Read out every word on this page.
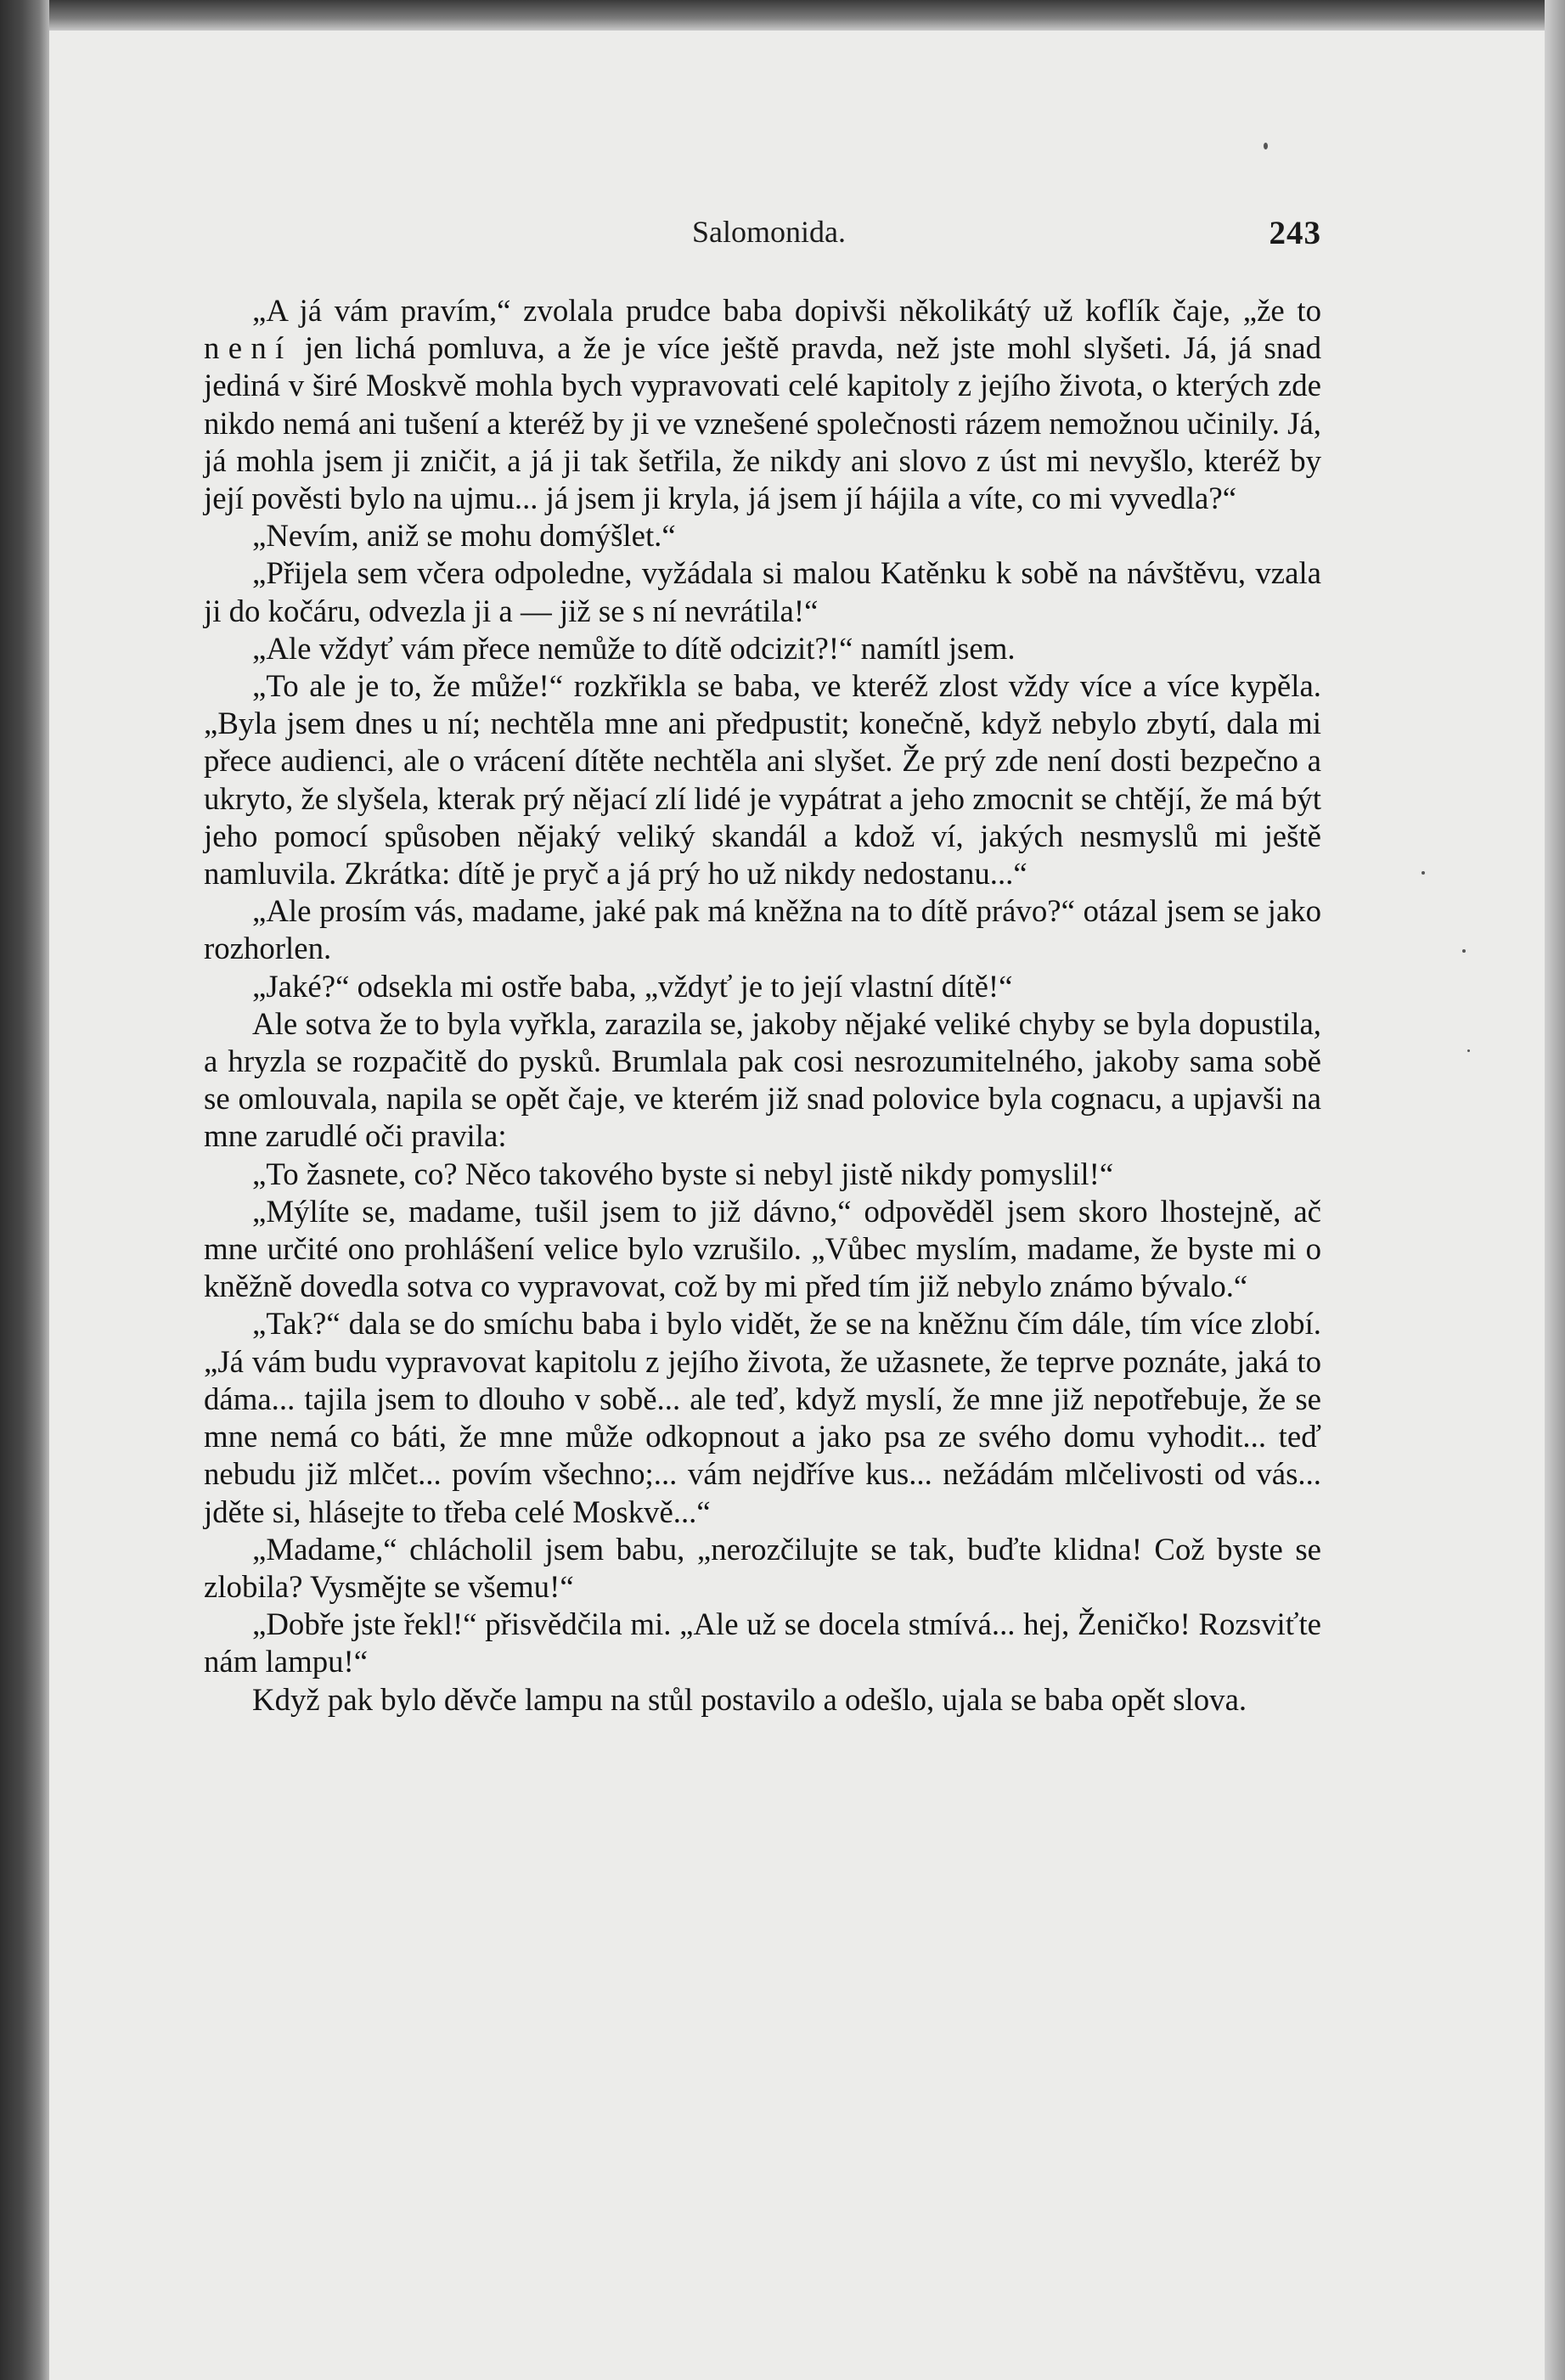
Salomonida.	243

„A já vám pravím,“ zvolala prudce baba dopivši několikátý už koflík čaje, „že to není jen lichá pomluva, a že je více ještě pravda, než jste mohl slyšeti. Já, já snad jediná v širé Moskvě mohla bych vypravovati celé kapitoly z jejího života, o kterých zde nikdo nemá ani tušení a kteréž by ji ve vznešené společnosti rázem nemožnou učinily. Já, já mohla jsem ji zničit, a já ji tak šetřila, že nikdy ani slovo z úst mi nevyšlo, kteréž by její pověsti bylo na ujmu... já jsem ji kryla, já jsem jí hájila a víte, co mi vyvedla?“

„Nevím, aniž se mohu domýšlet.“

„Přijela sem včera odpoledne, vyžádala si malou Katěnku k sobě na návštěvu, vzala ji do kočáru, odvezla ji a — již se s ní nevrátila!“

„Ale vždyť vám přece nemůže to dítě odcizit?!“ namítl jsem.

„To ale je to, že může!“ rozkřikla se baba, ve kteréž zlost vždy více a více kypěla. „Byla jsem dnes u ní; nechtěla mne ani předpustit; konečně, když nebylo zbytí, dala mi přece audienci, ale o vrácení dítěte nechtěla ani slyšet. Že prý zde není dosti bezpečno a ukryto, že slyšela, kterak prý nějací zlí lidé je vypátrat a jeho zmocnit se chtějí, že má být jeho pomocí spůsoben nějaký veliký skandál a kdož ví, jakých nesmyslů mi ještě namluvila. Zkrátka: dítě je pryč a já prý ho už nikdy nedostanu...“

„Ale prosím vás, madame, jaké pak má kněžna na to dítě právo?“ otázal jsem se jako rozhorlen.

„Jaké?“ odsekla mi ostře baba, „vždyť je to její vlastní dítě!“

Ale sotva že to byla vyřkla, zarazila se, jakoby nějaké veliké chyby se byla dopustila, a hryzla se rozpačitě do pysků. Brumlala pak cosi nesrozumitelného, jakoby sama sobě se omlouvala, napila se opět čaje, ve kterém již snad polovice byla cognacu, a upjavši na mne zarudlé oči pravila:

„To žasnete, co? Něco takového byste si nebyl jistě nikdy pomyslil!“

„Mýlíte se, madame, tušil jsem to již dávno,“ odpověděl jsem skoro lhostejně, ač mne určité ono prohlášení velice bylo vzrušilo. „Vůbec myslím, madame, že byste mi o kněžně dovedla sotva co vypravovat, což by mi před tím již nebylo známo bývalo.“

„Tak?“ dala se do smíchu baba i bylo vidět, že se na kněžnu čím dále, tím více zlobí. „Já vám budu vypravovat kapitolu z jejího života, že užasnete, že teprve poznáte, jaká to dáma... tajila jsem to dlouho v sobě... ale teď, když myslí, že mne již nepotřebuje, že se mne nemá co báti, že mne může odkopnout a jako psa ze svého domu vyhodit... teď nebudu již mlčet... povím všechno;... vám nejdříve kus... nežádám mlčelivosti od vás... jděte si, hlásejte to třeba celé Moskvě...“

„Madame,“ chlácholil jsem babu, „nerozčilujte se tak, buďte klidna! Což byste se zlobila? Vysmějte se všemu!“

„Dobře jste řekl!“ přisvědčila mi. „Ale už se docela stmívá... hej, Ženičko! Rozsviťte nám lampu!“

Když pak bylo děvče lampu na stůl postavilo a odešlo, ujala se baba opět slova.
